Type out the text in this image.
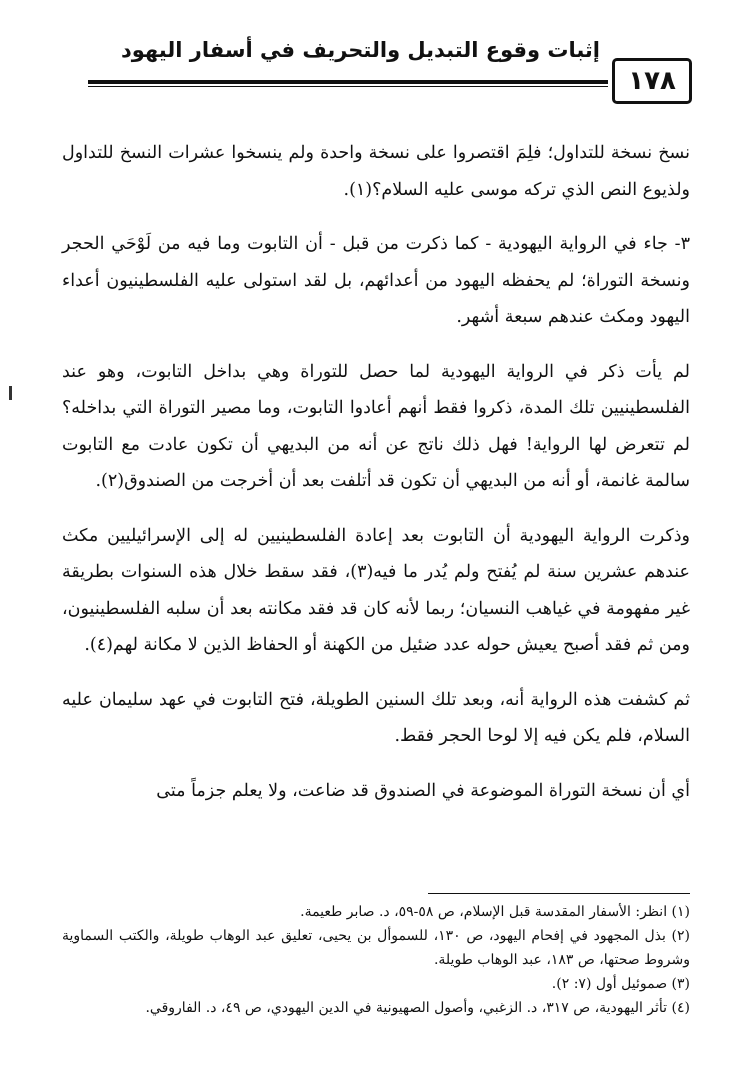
إثبات وقوع التبديل والتحريف في أسفار اليهود
١٧٨

نسخ نسخة للتداول؛ فلِمَ اقتصروا على نسخة واحدة ولم ينسخوا عشرات النسخ للتداول ولذيوع النص الذي تركه موسى عليه السلام؟(١).

٣- جاء في الرواية اليهودية - كما ذكرت من قبل - أن التابوت وما فيه من لَوْحَي الحجر ونسخة التوراة؛ لم يحفظه اليهود من أعدائهم، بل لقد استولى عليه الفلسطينيون أعداء اليهود ومكث عندهم سبعة أشهر.

لم يأت ذكر في الرواية اليهودية لما حصل للتوراة وهي بداخل التابوت، وهو عند الفلسطينيين تلك المدة، ذكروا فقط أنهم أعادوا التابوت، وما مصير التوراة التي بداخله؟ لم تتعرض لها الرواية! فهل ذلك ناتج عن أنه من البديهي أن تكون عادت مع التابوت سالمة غانمة، أو أنه من البديهي أن تكون قد أتلفت بعد أن أخرجت من الصندوق(٢).

وذكرت الرواية اليهودية أن التابوت بعد إعادة الفلسطينيين له إلى الإسرائيليين مكث عندهم عشرين سنة لم يُفتح ولم يُدر ما فيه(٣)، فقد سقط خلال هذه السنوات بطريقة غير مفهومة في غياهب النسيان؛ ربما لأنه كان قد فقد مكانته بعد أن سلبه الفلسطينيون، ومن ثم فقد أصبح يعيش حوله عدد ضئيل من الكهنة أو الحفاظ الذين لا مكانة لهم(٤).

ثم كشفت هذه الرواية أنه، وبعد تلك السنين الطويلة، فتح التابوت في عهد سليمان عليه السلام، فلم يكن فيه إلا لوحا الحجر فقط.

أي أن نسخة التوراة الموضوعة في الصندوق قد ضاعت، ولا يعلم جزماً متى

(١) انظر: الأسفار المقدسة قبل الإسلام، ص ٥٨-٥٩، د. صابر طعيمة.

(٢) بذل المجهود في إفحام اليهود، ص ١٣٠، للسموأل بن يحيى، تعليق عبد الوهاب طويلة، والكتب السماوية وشروط صحتها، ص ١٨٣، عبد الوهاب طويلة.

(٣) صموئيل أول (٧: ٢).

(٤) تأثر اليهودية، ص ٣١٧، د. الزغبي، وأصول الصهيونية في الدين اليهودي، ص ٤٩، د. الفاروقي.
